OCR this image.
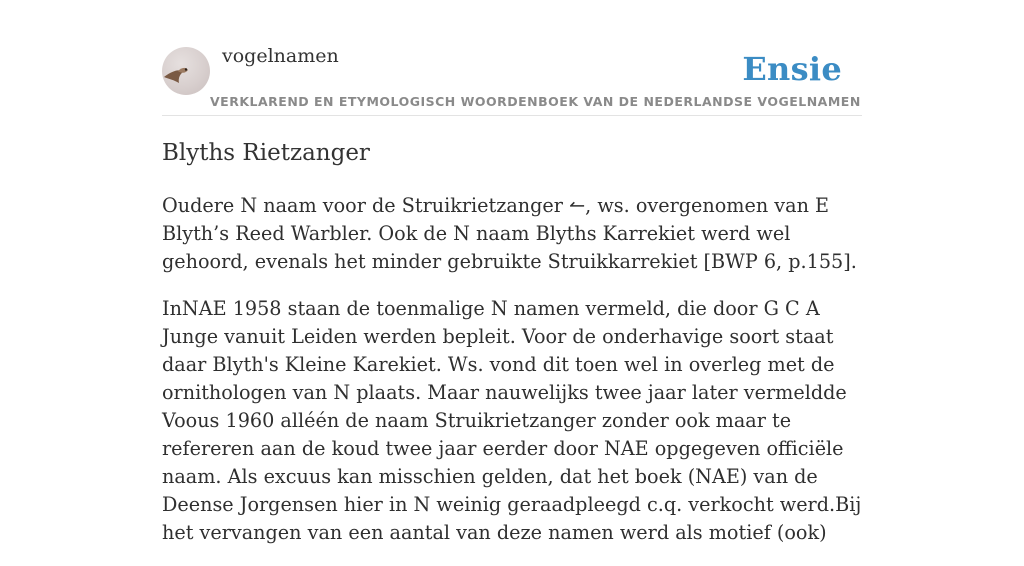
vogelnamen	Ensie
VERKLAREND EN ETYMOLOGISCH WOORDENBOEK VAN DE NEDERLANDSE VOGELNAMEN
Blyths Rietzanger

Oudere N naam voor de Struikrietzanger ↼, ws. overgenomen van E Blyth’s Reed Warbler. Ook de N naam Blyths Karrekiet werd wel gehoord, evenals het minder gebruikte Struikkarrekiet [BWP 6, p.155].

InNAE 1958 staan de toenmalige N namen vermeld, die door G C A Junge vanuit Leiden werden bepleit. Voor de onderhavige soort staat daar Blyth's Kleine Karekiet. Ws. vond dit toen wel in overleg met de ornithologen van N plaats. Maar nauwelijks twee jaar later vermeldde Voous 1960 alléén de naam Struikrietzanger zonder ook maar te refereren aan de koud twee jaar eerder door NAE opgegeven officiële naam. Als excuus kan misschien gelden, dat het boek (NAE) van de Deense Jorgensen hier in N weinig geraadpleegd c.q. verkocht werd.Bij het vervangen van een aantal van deze namen werd als motief (ook)
